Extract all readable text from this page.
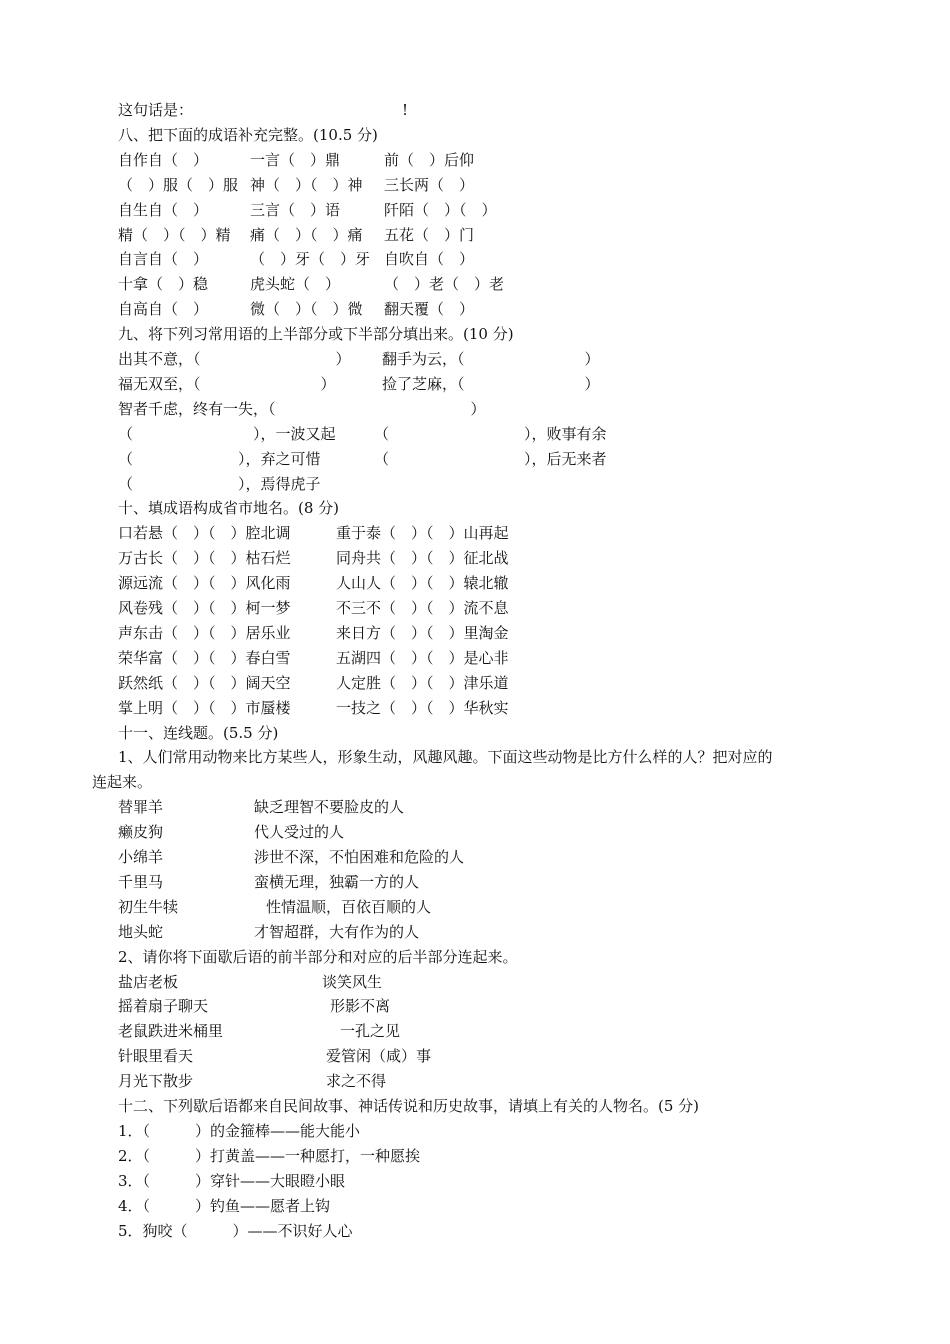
这句话是：	!
八、把下面的成语补充完整。(10.5 分)
自作自（　）	一言（　）鼎	前（　）后仰
（　）服（　）服 神（　）（　）神 三长两（　）
自生自（　）	三言（　）语	阡陌（　）（　）
精（　）（　）精 痛（　）（　）痛 五花（　）门
自言自（　）	（　）牙（　）牙 自吹自（　）
十拿（　）稳	虎头蛇（　）	（　）老（　）老
自高自（　）	微（　）（　）微 翻天覆（　）
九、将下列习常用语的上半部分或下半部分填出来。(10 分)
出其不意，（　　　　　　　　　） 翻手为云，（　　　　　　　　）
福无双至，（　　　　　　　　）	捡了芝麻，（　　　　　　　　）
智者千虑，终有一失，（　　　　　　　　　　　　　）
（　　　　　　　　），一波又起	（　　　　　　　　　），败事有余
（　　　　　　　），弃之可惜	（　　　　　　　　　），后无来者
（　　　　　　　），焉得虎子
十、填成语构成省市地名。(8 分)
口若悬（　）（　）腔北调	重于泰（　）（　）山再起
万古长（　）（　）枯石烂	同舟共（　）（　）征北战
源远流（　）（　）风化雨	人山人（　）（　）辕北辙
风卷残（　）（　）柯一梦	不三不（　）（　）流不息
声东击（　）（　）居乐业	来日方（　）（　）里淘金
荣华富（　）（　）春白雪	五湖四（　）（　）是心非
跃然纸（　）（　）阔天空	人定胜（　）（　）津乐道
掌上明（　）（　）市蜃楼	一技之（　）（　）华秋实
十一、连线题。(5.5 分)
1、人们常用动物来比方某些人，形象生动，风趣风趣。下面这些动物是比方什么样的人？把对应的
连起来。
替罪羊	缺乏理智不要脸皮的人
癞皮狗	代人受过的人
小绵羊	涉世不深，不怕困难和危险的人
千里马	蛮横无理，独霸一方的人
初生牛犊	性情温顺，百依百顺的人
地头蛇	才智超群，大有作为的人
2、请你将下面歇后语的前半部分和对应的后半部分连起来。
盐店老板	谈笑风生
摇着扇子聊天	形影不离
老鼠跌进米桶里	一孔之见
针眼里看天	爱管闲（咸）事
月光下散步	求之不得
十二、下列歇后语都来自民间故事、神话传说和历史故事，请填上有关的人物名。(5 分)
1．（　　　）的金箍棒——能大能小
2．（　　　）打黄盖——一种愿打，一种愿挨
3．（　　　）穿针——大眼瞪小眼
4．（　　　）钓鱼——愿者上钩
5．狗咬（　　　）——不识好人心
